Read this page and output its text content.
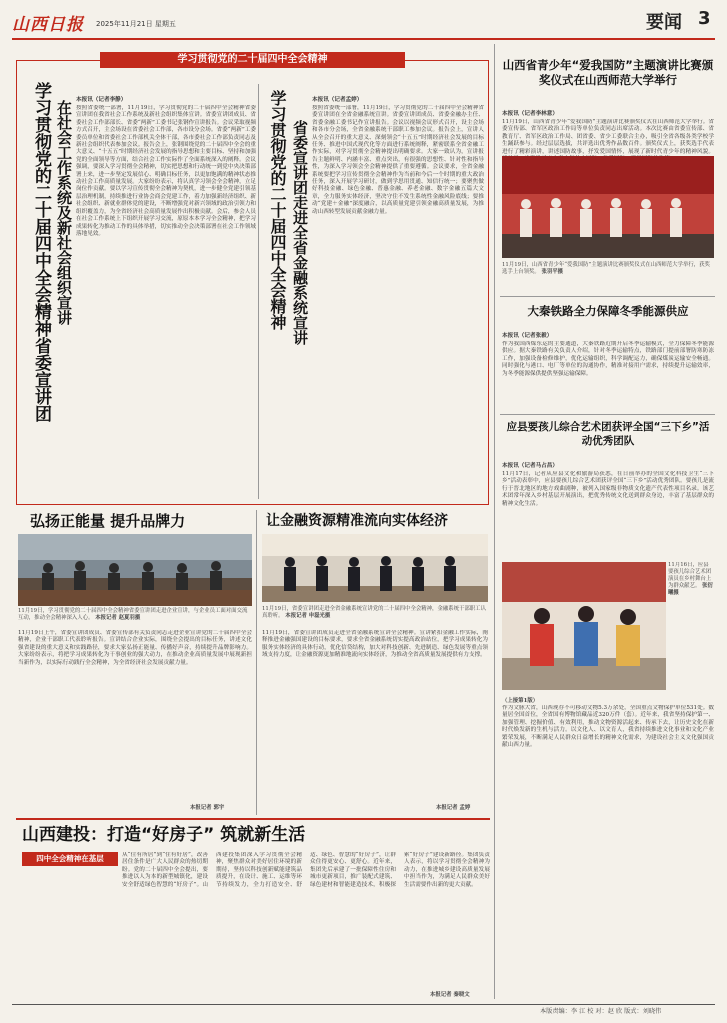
山西日报 2025年11月21日 星期五	要闻 3
学习贯彻党的二十届四中全会精神
学习贯彻党的二十届四中全会精神省委宣讲团 在社会工作系统及新社会组织宣讲 本报讯（记者李静）
按照省委统一部署，11月19日，学习贯彻党的二十届四中全会精神省委宣讲团在我省社会工作系统及新社会组织集体宣讲。省委宣讲团成员、省委社会工作部部长、省委“两新”工委书记张钢作宣讲报告。会议采取视频方式召开，主会场设在省委社会工作部，各市设分会场。省委“两新”工委委员单位和省委社会工作部机关全体干部，各市委社会工作部负责同志及新社会组织代表参加会议。报告会上，张钢围绕党的二十届四中全会的重大意义、“十五五”时期经济社会发展的指导思想和主要目标、坚持和加强党的全面领导等方面，结合社会工作实际作了全面系统深入的阐释。会议强调，要深入学习贯彻全会精神，切实把思想和行动统一到党中央决策部署上来，进一步坚定发展信心、明确目标任务，以更加饱满的精神状态推动社会工作高质量发展。大家纷纷表示，将认真学习领会全会精神，立足岗位作贡献。要以学习宣传贯彻全会精神为契机，进一步健全党建引领基层治理机制，持续推进行业协会商会党建工作，着力加强新经济组织、新社会组织、新就业群体党的建设，不断增强党对新兴领域的政治引领力和组织覆盖力，为全省经济社会高质量发展作出积极贡献。会后，参会人员在社会工作系统上下组织开展学习交流，原原本本学习全会精神，把学习成果转化为推动工作的具体举措，切实推动全会决策部署在社会工作领域落地见效。	学习贯彻党的二十届四中全会精神 省委宣讲团走进全省金融系统宣讲
本报讯（记者孟婷）
按照省委统一部署，11月19日，学习贯彻党的二十届四中全会精神省委宣讲团在全省金融系统宣讲。省委宣讲团成员、省委金融办主任、省委金融工委书记作宣讲报告。会议以视频会议形式召开，设主会场和各市分会场，全省金融系统干部职工参加会议。报告会上，宣讲人从全会召开的重大意义、深刻领会“十五五”时期经济社会发展的目标任务、推进中国式现代化等方面进行系统阐释，紧密联系全省金融工作实际，对学习贯彻全会精神提出明确要求。大家一致认为，宣讲报告主题鲜明、内涵丰富、重点突出，有很强的思想性、针对性和指导性，为深入学习领会全会精神提供了重要遵循。会议要求，全省金融系统要把学习宣传贯彻全会精神作为当前和今后一个时期的重大政治任务，深入开展学习研讨，做到学思用贯通、知信行统一；要聚焦做好科技金融、绿色金融、普惠金融、养老金融、数字金融五篇大文章，全力服务实体经济，坚决守住不发生系统性金融风险底线；要推动“党建＋金融”深度融合，以高质量党建引领金融高质量发展，为推动山西转型发展贡献金融力量。
弘扬正能量 提升品牌力
11月19日，学习贯彻党的二十届四中全会精神省委宣讲团走进企业宣讲，与企业员工面对面交流互动，推动全会精神深入人心。 本报记者 赵夏羽摄
11月19日上午，省委宣讲团成员、省委宣传部有关负责同志走进企业宣讲党的二十届四中全会精神，企业干部职工代表聆听报告。宣讲结合企业实际，围绕全会提出的目标任务，讲述文化强省建设的重大意义和实践路径，要求大家弘扬正能量、传播好声音，持续提升品牌影响力。大家纷纷表示，将把学习成果转化为干事创业的强大动力，在推动企业高质量发展中展现新担当新作为，以实际行动践行全会精神，为全省经济社会发展贡献力量。
本报记者 郭宇
让金融资源精准流向实体经济
11月19日，省委宣讲团走进全省金融系统宣讲党的二十届四中全会精神，金融系统干部职工认真聆听。 本报记者 申磊光摄
11月19日，省委宣讲团成员走进全省金融系统宣讲全会精神。宣讲紧扣金融工作实际，阐释推进金融强国建设的目标要求，要求全省金融系统切实提高政治站位，把学习成果转化为服务实体经济的具体行动，优化信贷结构，加大对科技创新、先进制造、绿色发展等重点领域支持力度，让金融资源更加精准地流向实体经济，为推动全省高质量发展提供有力支撑。
本报记者 孟婷
山西省青少年“爱我国防”主题演讲比赛颁奖仪式在山西师范大学举行
本报讯（记者李林意）
11月19日，山西省青少年“爱我国防”主题演讲比赛颁奖仪式在山西师范大学举行。省委宣传部、省军区政治工作局等单位负责同志出席活动。本次比赛由省委宣传部、省教育厅、省军区政治工作局、团省委、省少工委联合主办，吸引全省各级各类学校学生踊跃参与。经过层层选拔，共评选出优秀作品数百件。颁奖仪式上，获奖选手代表进行了精彩演讲，讲述国防故事，抒发爱国情怀，展现了新时代青少年的精神风貌。
11月19日，山西省青少年“爱我国防”主题演讲比赛颁奖仪式在山西师范大学举行，获奖选手上台领奖。 张羽平摄
大秦铁路全力保障冬季能源供应
本报讯（记者张毅）
作为我国西煤东运的主要通道，大秦铁路近期开启冬季运输模式，全力保障冬季能源供应。据大秦铁路有关负责人介绍，针对冬季运输特点，铁路部门提前部署防寒防冻工作，加强设备检修维护，优化运输组织，科学调配运力，确保煤炭运输安全畅通。同时强化与港口、电厂等单位的沟通协作，精准对接用户需求，持续提升运输效率，为冬季能源保供提供坚强运输保障。
应县要孩儿综合艺术团获评全国“三下乡”活动优秀团队
本报讯（记者马占昌）
11月17日，记者从应县文化和旅游局获悉，在日前举办的全国文化科技卫生“三下乡”活动表彰中，应县要孩儿综合艺术团获评全国“三下乡”活动优秀团队。要孩儿是流行于晋北地区的地方戏曲剧种，被列入国家级非物质文化遗产代表性项目名录。该艺术团常年深入乡村基层开展演出，把优秀传统文化送到群众身边，丰富了基层群众的精神文化生活。
11月16日，应县要孩儿综合艺术团演员在乡村舞台上为群众献艺。 张衍曦摄
（上接第1版）
作为文脉大省，山西现存不可移动文物5.3万余处，全国重点文物保护单位531处。数量居全国首位，全省国有博物馆藏品近320万件（套）。近年来，我省坚持保护第一、加强管理、挖掘价值、有效利用，推动文物资源活起来、传承下去，让历史文化在新时代焕发新的生机与活力。以文化人、以文育人，我省持续推进文化事业和文化产业繁荣发展，不断满足人民群众日益增长的精神文化需求，为建设社会主义文化强国贡献山西力量。
山西建投：打造“好房子” 筑就新生活
四中全会精神在基层	从“住有所居”到“住有好居”，改善居住条件是广大人民群众的热切期盼。党的二十届四中全会提出，要推进以人为本的新型城镇化，建设安全舒适绿色智慧的“好房子”。山西建投集团深入学习贯彻全会精神，聚焦群众对美好居住环境的新期待，坚持以科技创新赋能建筑品质提升，在设计、施工、运维等环节持续发力，全力打造安全、舒适、绿色、智慧的“好房子”，让群众住得更安心、更舒心。近年来，集团先后承建了一批保障性住房和城市更新项目，推广装配式建筑、绿色建材和智能建造技术，积极探索“好房子”建设新路径。集团负责人表示，将以学习贯彻全会精神为动力，在推进城乡建设高质量发展中担当作为，为满足人民群众美好生活需要作出新的更大贡献。
本报记者 秦晓文
本版责编：李 江 校 对：赵 欣 版式：刘晓伟
